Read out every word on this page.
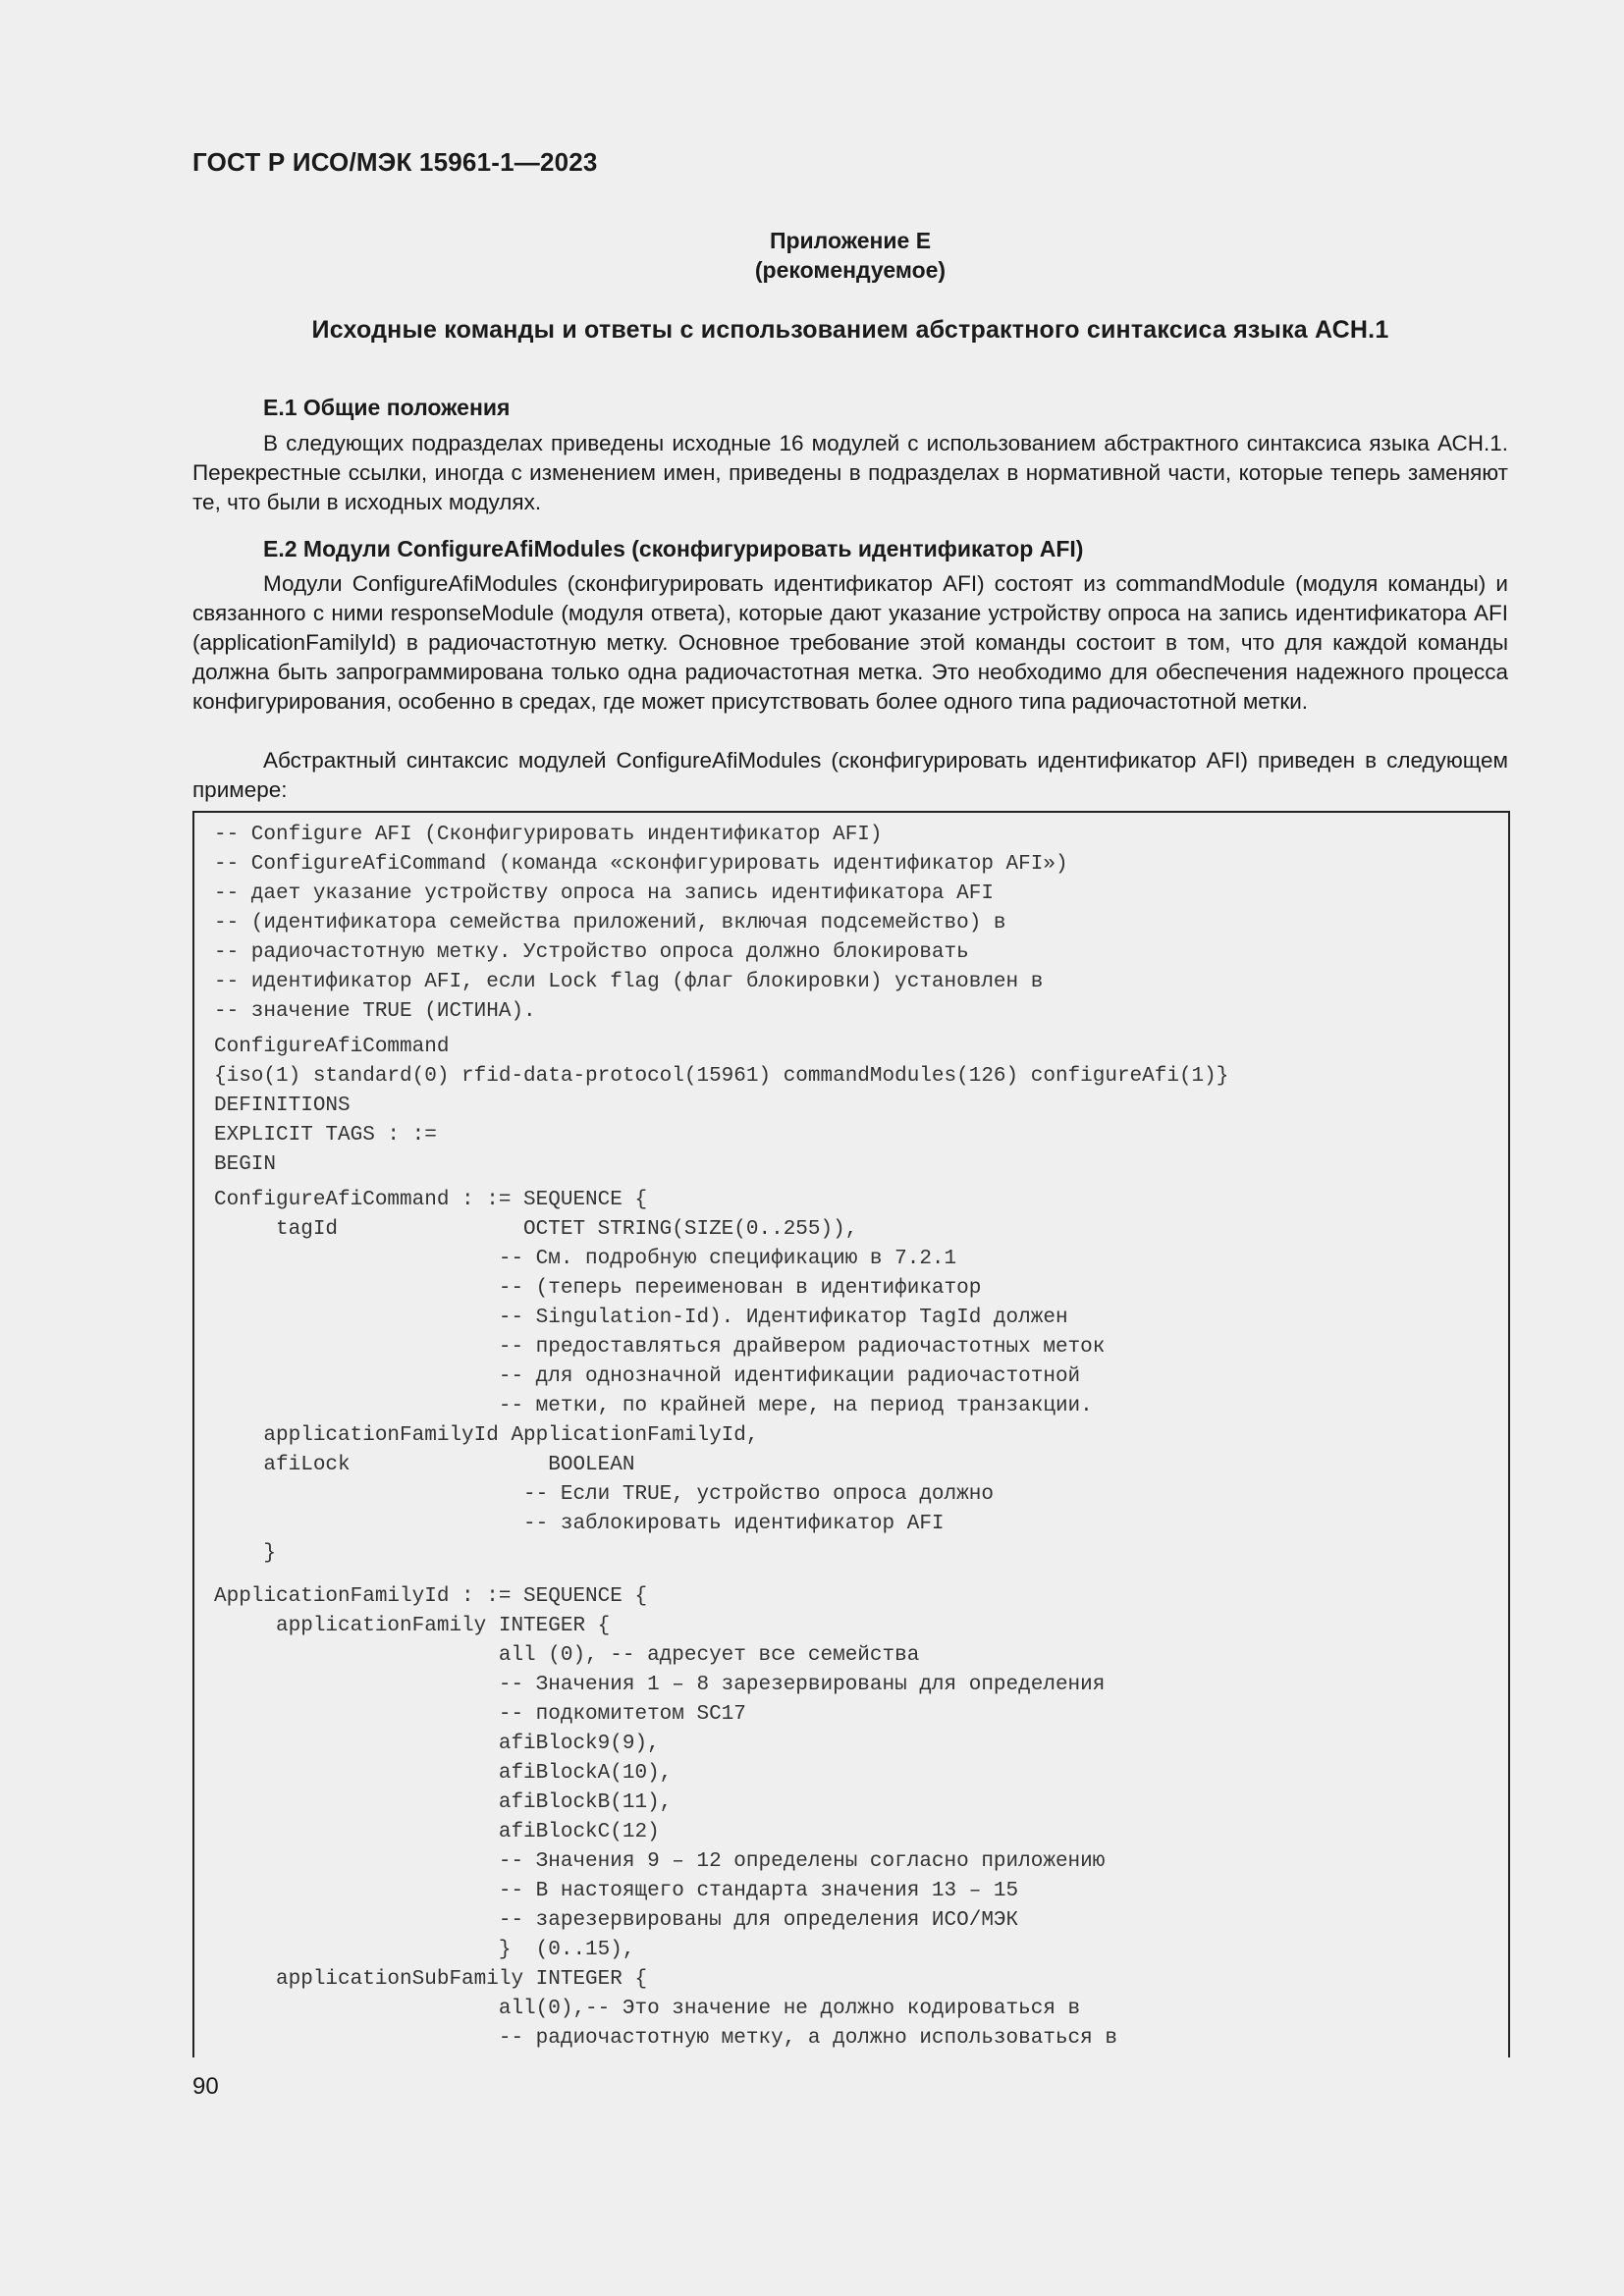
ГОСТ Р ИСО/МЭК 15961-1—2023
Приложение Е
(рекомендуемое)
Исходные команды и ответы с использованием абстрактного синтаксиса языка АСН.1
Е.1 Общие положения

В следующих подразделах приведены исходные 16 модулей с использованием абстрактного синтаксиса языка АСН.1. Перекрестные ссылки, иногда с изменением имен, приведены в подразделах в нормативной части, которые теперь заменяют те, что были в исходных модулях.

Е.2 Модули ConfigureAfiModules (сконфигурировать идентификатор AFI)

Модули ConfigureAfiModules (сконфигурировать идентификатор AFI) состоят из commandModule (модуля команды) и связанного с ними responseModule (модуля ответа), которые дают указание устройству опроса на запись идентификатора AFI (applicationFamilyId) в радиочастотную метку. Основное требование этой команды состоит в том, что для каждой команды должна быть запрограммирована только одна радиочастотная метка. Это необходимо для обеспечения надежного процесса конфигурирования, особенно в средах, где может присутствовать более одного типа радиочастотной метки.

Абстрактный синтаксис модулей ConfigureAfiModules (сконфигурировать идентификатор AFI) приведен в следующем примере:

-- Configure AFI (Сконфигурировать индентификатор AFI)
-- ConfigureAfiCommand (команда «сконфигурировать идентификатор AFI»)
-- дает указание устройству опроса на запись идентификатора AFI
-- (идентификатора семейства приложений, включая подсемейство) в
-- радиочастотную метку. Устройство опроса должно блокировать
-- идентификатор AFI, если Lock flag (флаг блокировки) установлен в
-- значение TRUE (ИСТИНА).
ConfigureAfiCommand
{iso(1) standard(0) rfid-data-protocol(15961) commandModules(126) configureAfi(1)}
DEFINITIONS
EXPLICIT TAGS : :=
BEGIN
ConfigureAfiCommand : := SEQUENCE {
tagId               OCTET STRING(SIZE(0..255)),
-- См. подробную спецификацию в 7.2.1
-- (теперь переименован в идентификатор
-- Singulation-Id). Идентификатор TagId должен
-- предоставляться драйвером радиочастотных меток
-- для однозначной идентификации радиочастотной
-- метки, по крайней мере, на период транзакции.
applicationFamilyId ApplicationFamilyId,
afiLock                BOOLEAN
-- Если TRUE, устройство опроса должно
-- заблокировать идентификатор AFI
}
ApplicationFamilyId : := SEQUENCE {
applicationFamily INTEGER {
all (0), -- адресует все семейства
-- Значения 1 – 8 зарезервированы для определения
-- подкомитетом SC17
afiBlock9(9),
afiBlockA(10),
afiBlockB(11),
afiBlockC(12)
-- Значения 9 – 12 определены согласно приложению
-- В настоящего стандарта значения 13 – 15
-- зарезервированы для определения ИСО/МЭК
}  (0..15),
applicationSubFamily INTEGER {
all(0),-- Это значение не должно кодироваться в
-- радиочастотную метку, а должно использоваться в
90
